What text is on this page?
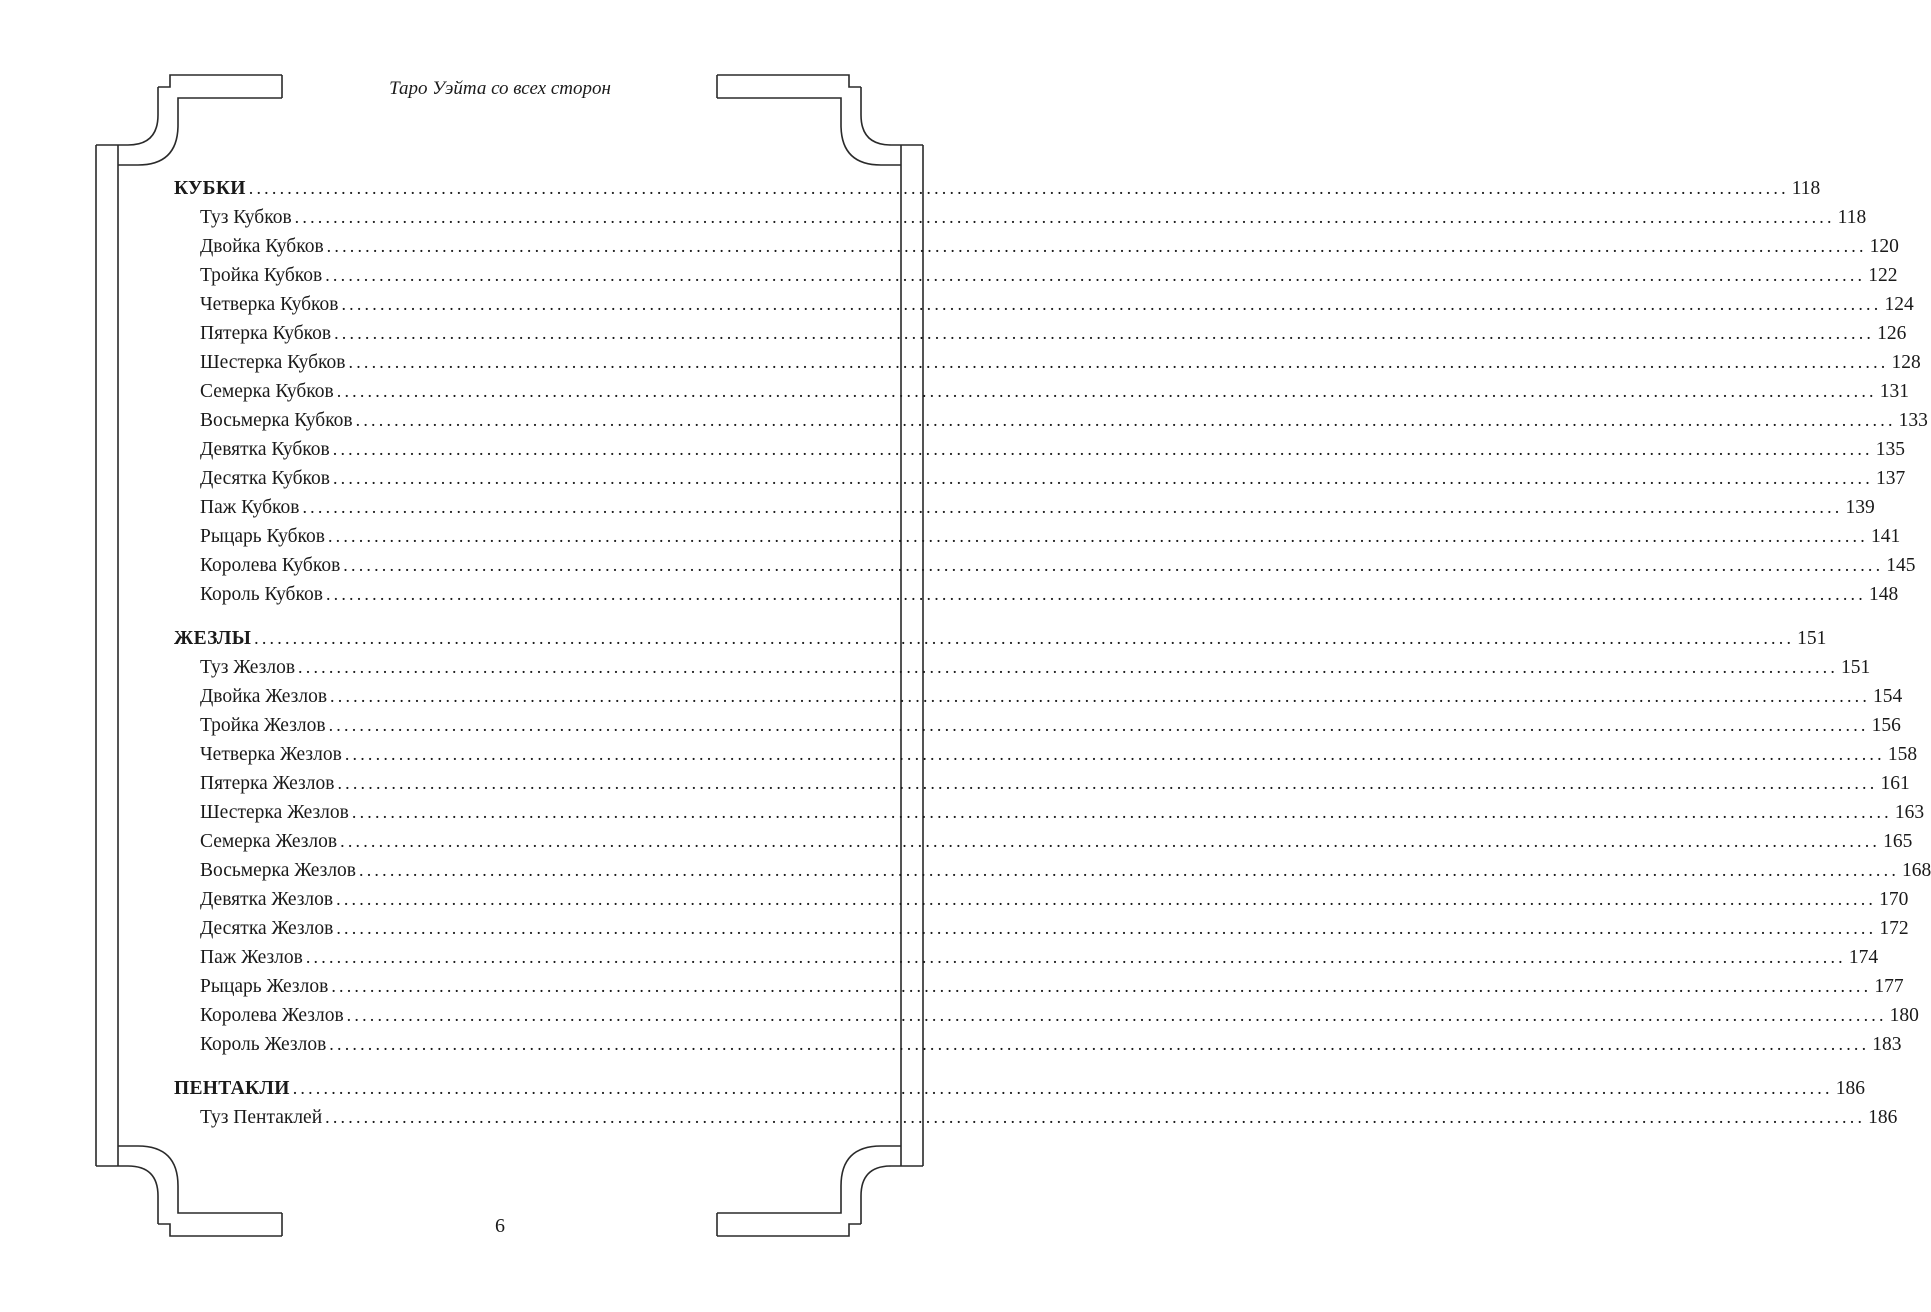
Таро Уэйта со всех сторон
КУБКИ ........................................................................................................................................................................................................ 118
Туз Кубков ........................................................................................................................................................................................................ 118
Двойка Кубков ........................................................................................................................................................................................................ 120
Тройка Кубков ........................................................................................................................................................................................................ 122
Четверка Кубков ........................................................................................................................................................................................................ 124
Пятерка Кубков ........................................................................................................................................................................................................ 126
Шестерка Кубков ........................................................................................................................................................................................................ 128
Семерка Кубков ........................................................................................................................................................................................................ 131
Восьмерка Кубков ........................................................................................................................................................................................................ 133
Девятка Кубков ........................................................................................................................................................................................................ 135
Десятка Кубков ........................................................................................................................................................................................................ 137
Паж Кубков ........................................................................................................................................................................................................ 139
Рыцарь Кубков ........................................................................................................................................................................................................ 141
Королева Кубков ........................................................................................................................................................................................................ 145
Король Кубков ........................................................................................................................................................................................................ 148
ЖЕЗЛЫ ........................................................................................................................................................................................................ 151
Туз Жезлов ........................................................................................................................................................................................................ 151
Двойка Жезлов ........................................................................................................................................................................................................ 154
Тройка Жезлов ........................................................................................................................................................................................................ 156
Четверка Жезлов ........................................................................................................................................................................................................ 158
Пятерка Жезлов ........................................................................................................................................................................................................ 161
Шестерка Жезлов ........................................................................................................................................................................................................ 163
Семерка Жезлов ........................................................................................................................................................................................................ 165
Восьмерка Жезлов ........................................................................................................................................................................................................ 168
Девятка Жезлов ........................................................................................................................................................................................................ 170
Десятка Жезлов ........................................................................................................................................................................................................ 172
Паж Жезлов ........................................................................................................................................................................................................ 174
Рыцарь Жезлов ........................................................................................................................................................................................................ 177
Королева Жезлов ........................................................................................................................................................................................................ 180
Король Жезлов ........................................................................................................................................................................................................ 183
ПЕНТАКЛИ ........................................................................................................................................................................................................ 186
Туз Пентаклей ........................................................................................................................................................................................................ 186
6
